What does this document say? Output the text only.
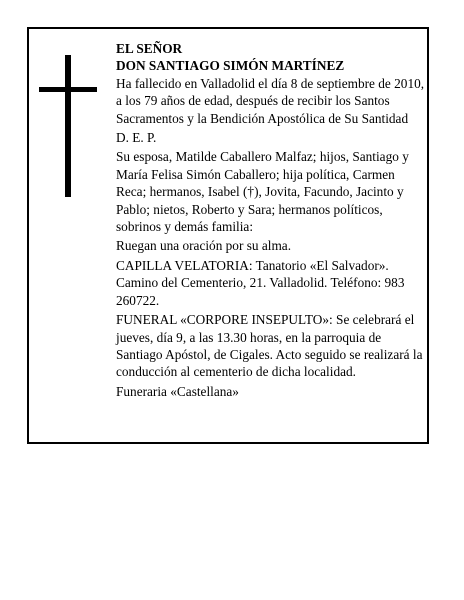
EL SEÑOR

DON SANTIAGO SIMÓN MARTÍNEZ

Ha fallecido en Valladolid el día 8 de septiembre de 2010, a los 79 años de edad, después de recibir los Santos Sacramentos y la Bendición Apostólica de Su Santidad

D. E. P.

Su esposa, Matilde Caballero Malfaz; hijos, Santiago y María Felisa Simón Caballero; hija política, Carmen Reca; hermanos, Isabel (†), Jovita, Facundo, Jacinto y Pablo; nietos, Roberto y Sara; hermanos políticos, sobrinos y demás familia:

Ruegan una oración por su alma.

CAPILLA VELATORIA: Tanatorio «El Salvador». Camino del Cementerio, 21. Valladolid. Teléfono: 983 260722.

FUNERAL «CORPORE INSEPULTO»: Se celebrará el jueves, día 9, a las 13.30 horas, en la parroquia de Santiago Apóstol, de Cigales. Acto seguido se realizará la conducción al cementerio de dicha localidad.

Funeraria «Castellana»
